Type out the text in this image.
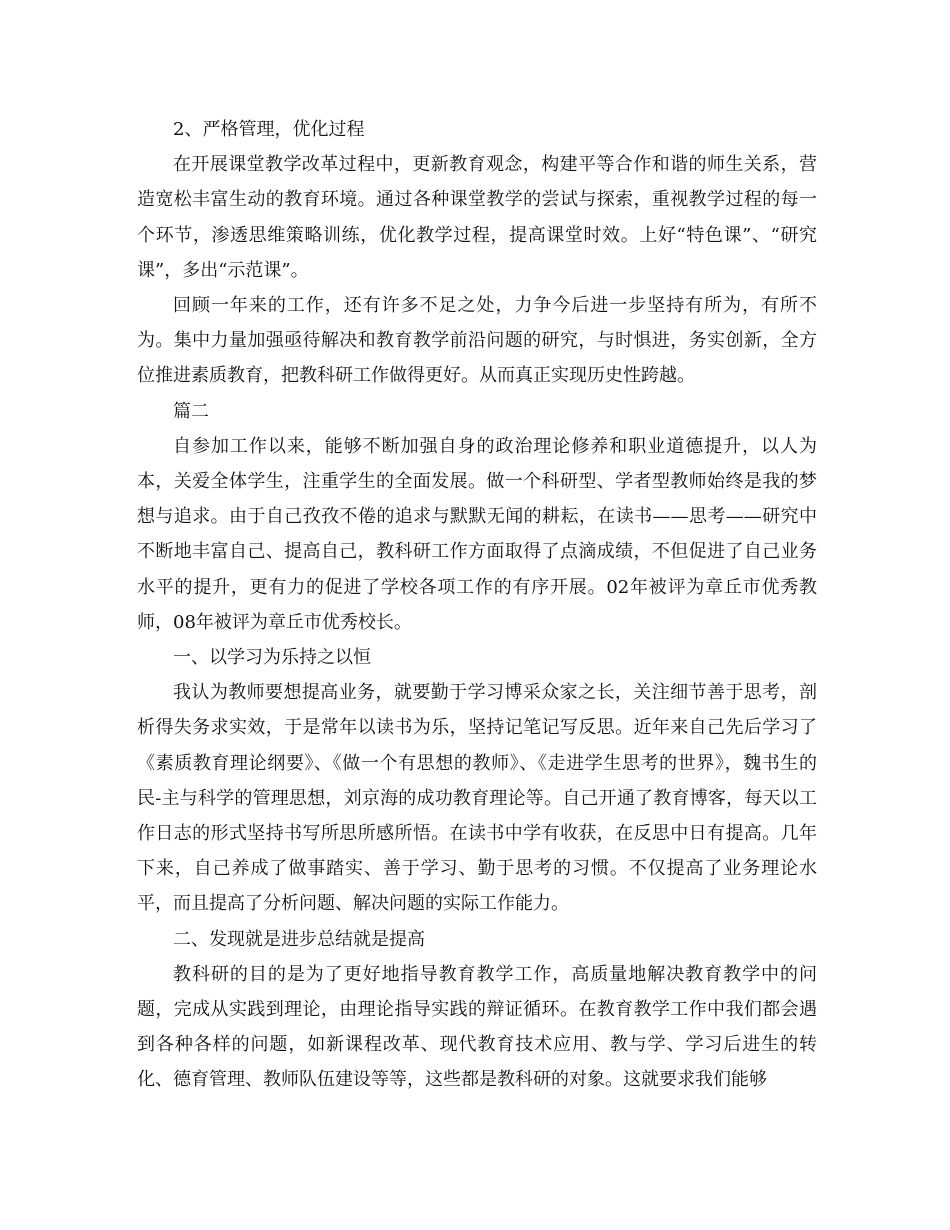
2、严格管理，优化过程

在开展课堂教学改革过程中，更新教育观念，构建平等合作和谐的师生关系，营造宽松丰富生动的教育环境。通过各种课堂教学的尝试与探索，重视教学过程的每一个环节，渗透思维策略训练，优化教学过程，提高课堂时效。上好“特色课”、“研究课”，多出“示范课”。

回顾一年来的工作，还有许多不足之处，力争今后进一步坚持有所为，有所不为。集中力量加强亟待解决和教育教学前沿问题的研究，与时惧进，务实创新，全方位推进素质教育，把教科研工作做得更好。从而真正实现历史性跨越。

篇二

自参加工作以来，能够不断加强自身的政治理论修养和职业道德提升，以人为本，关爱全体学生，注重学生的全面发展。做一个科研型、学者型教师始终是我的梦想与追求。由于自己孜孜不倦的追求与默默无闻的耕耘，在读书——思考——研究中不断地丰富自己、提高自己，教科研工作方面取得了点滴成绩，不但促进了自己业务水平的提升，更有力的促进了学校各项工作的有序开展。02年被评为章丘市优秀教师，08年被评为章丘市优秀校长。

一、以学习为乐持之以恒

我认为教师要想提高业务，就要勤于学习博采众家之长，关注细节善于思考，剖析得失务求实效，于是常年以读书为乐，坚持记笔记写反思。近年来自己先后学习了《素质教育理论纲要》、《做一个有思想的教师》、《走进学生思考的世界》，魏书生的民-主与科学的管理思想，刘京海的成功教育理论等。自己开通了教育博客，每天以工作日志的形式坚持书写所思所感所悟。在读书中学有收获，在反思中日有提高。几年下来，自己养成了做事踏实、善于学习、勤于思考的习惯。不仅提高了业务理论水平，而且提高了分析问题、解决问题的实际工作能力。

二、发现就是进步总结就是提高

教科研的目的是为了更好地指导教育教学工作，高质量地解决教育教学中的问题，完成从实践到理论，由理论指导实践的辩证循环。在教育教学工作中我们都会遇到各种各样的问题，如新课程改革、现代教育技术应用、教与学、学习后进生的转化、德育管理、教师队伍建设等等，这些都是教科研的对象。这就要求我们能够
